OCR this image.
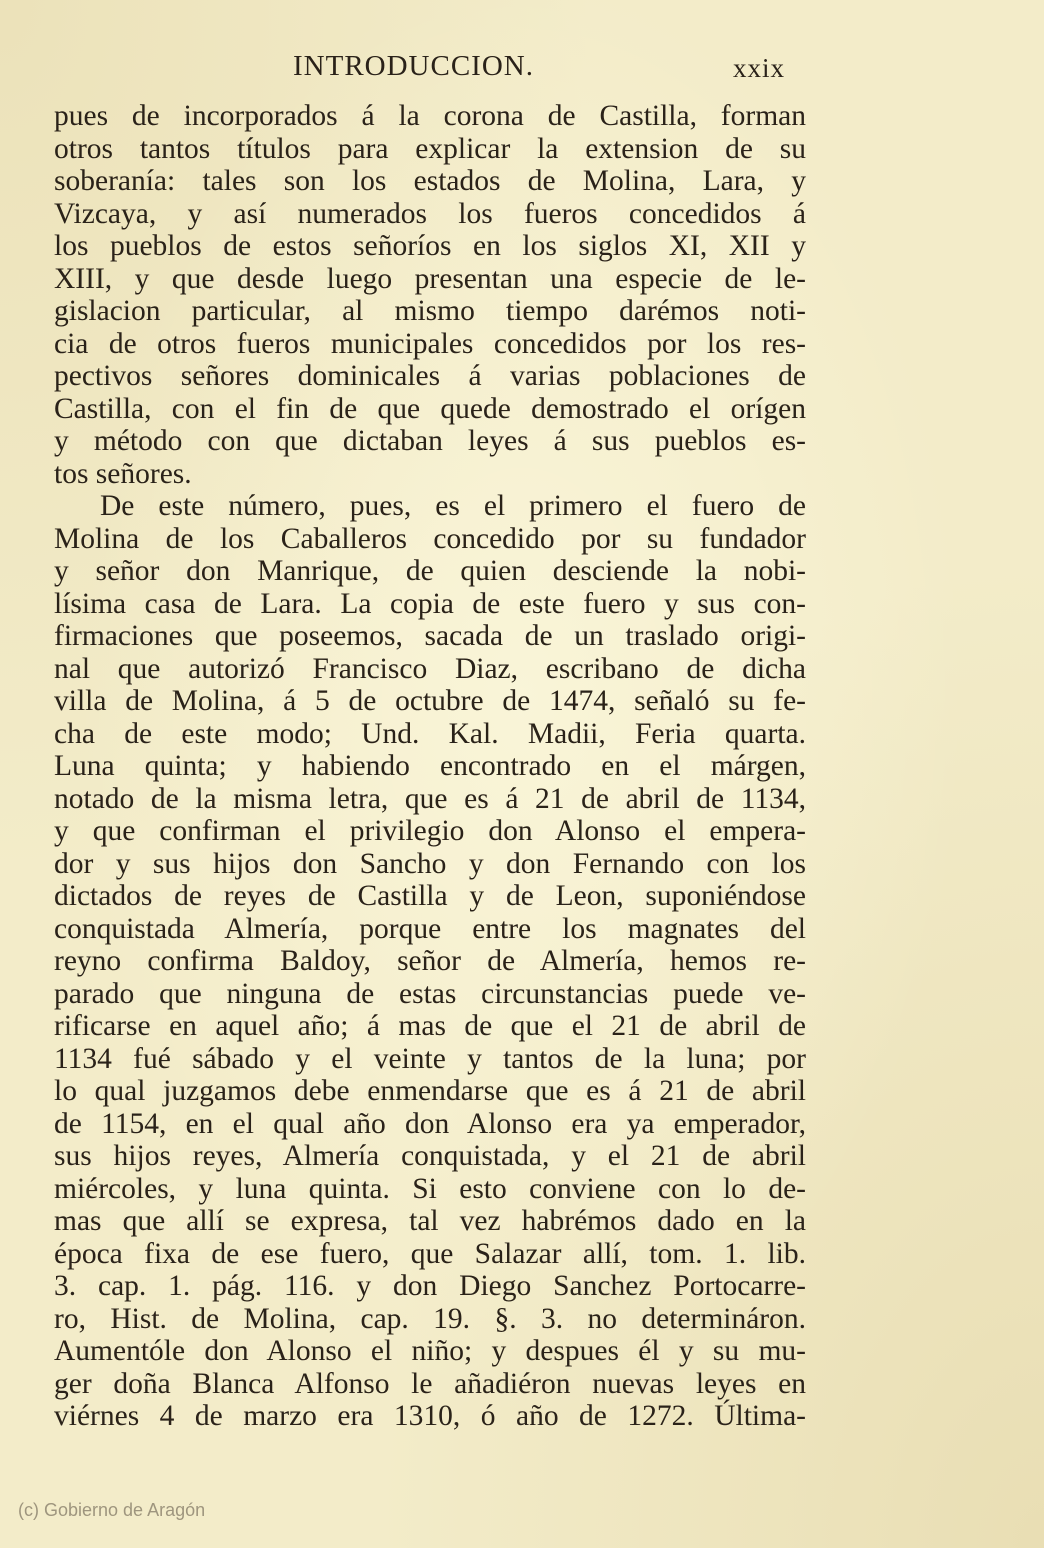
INTRODUCCION.	xxix
pues de incorporados á la corona de Castilla, forman
otros tantos títulos para explicar la extension de su
soberanía: tales son los estados de Molina, Lara, y
Vizcaya, y así numerados los fueros concedidos á
los pueblos de estos señoríos en los siglos XI, XII y
XIII, y que desde luego presentan una especie de le-
gislacion particular, al mismo tiempo darémos noti-
cia de otros fueros municipales concedidos por los res-
pectivos señores dominicales á varias poblaciones de
Castilla, con el fin de que quede demostrado el orígen
y método con que dictaban leyes á sus pueblos es-
tos señores.
De este número, pues, es el primero el fuero de
Molina de los Caballeros concedido por su fundador
y señor don Manrique, de quien desciende la nobi-
lísima casa de Lara. La copia de este fuero y sus con-
firmaciones que poseemos, sacada de un traslado origi-
nal que autorizó Francisco Diaz, escribano de dicha
villa de Molina, á 5 de octubre de 1474, señaló su fe-
cha de este modo; Und. Kal. Madii, Feria quarta.
Luna quinta; y habiendo encontrado en el márgen,
notado de la misma letra, que es á 21 de abril de 1134,
y que confirman el privilegio don Alonso el empera-
dor y sus hijos don Sancho y don Fernando con los
dictados de reyes de Castilla y de Leon, suponiéndose
conquistada Almería, porque entre los magnates del
reyno confirma Baldoy, señor de Almería, hemos re-
parado que ninguna de estas circunstancias puede ve-
rificarse en aquel año; á mas de que el 21 de abril de
1134 fué sábado y el veinte y tantos de la luna; por
lo qual juzgamos debe enmendarse que es á 21 de abril
de 1154, en el qual año don Alonso era ya emperador,
sus hijos reyes, Almería conquistada, y el 21 de abril
miércoles, y luna quinta. Si esto conviene con lo de-
mas que allí se expresa, tal vez habrémos dado en la
época fixa de ese fuero, que Salazar allí, tom. 1. lib.
3. cap. 1. pág. 116. y don Diego Sanchez Portocarre-
ro, Hist. de Molina, cap. 19. §. 3. no determináron.
Aumentóle don Alonso el niño; y despues él y su mu-
ger doña Blanca Alfonso le añadiéron nuevas leyes en
viérnes 4 de marzo era 1310, ó año de 1272. Última-
(c) Gobierno de Aragón
